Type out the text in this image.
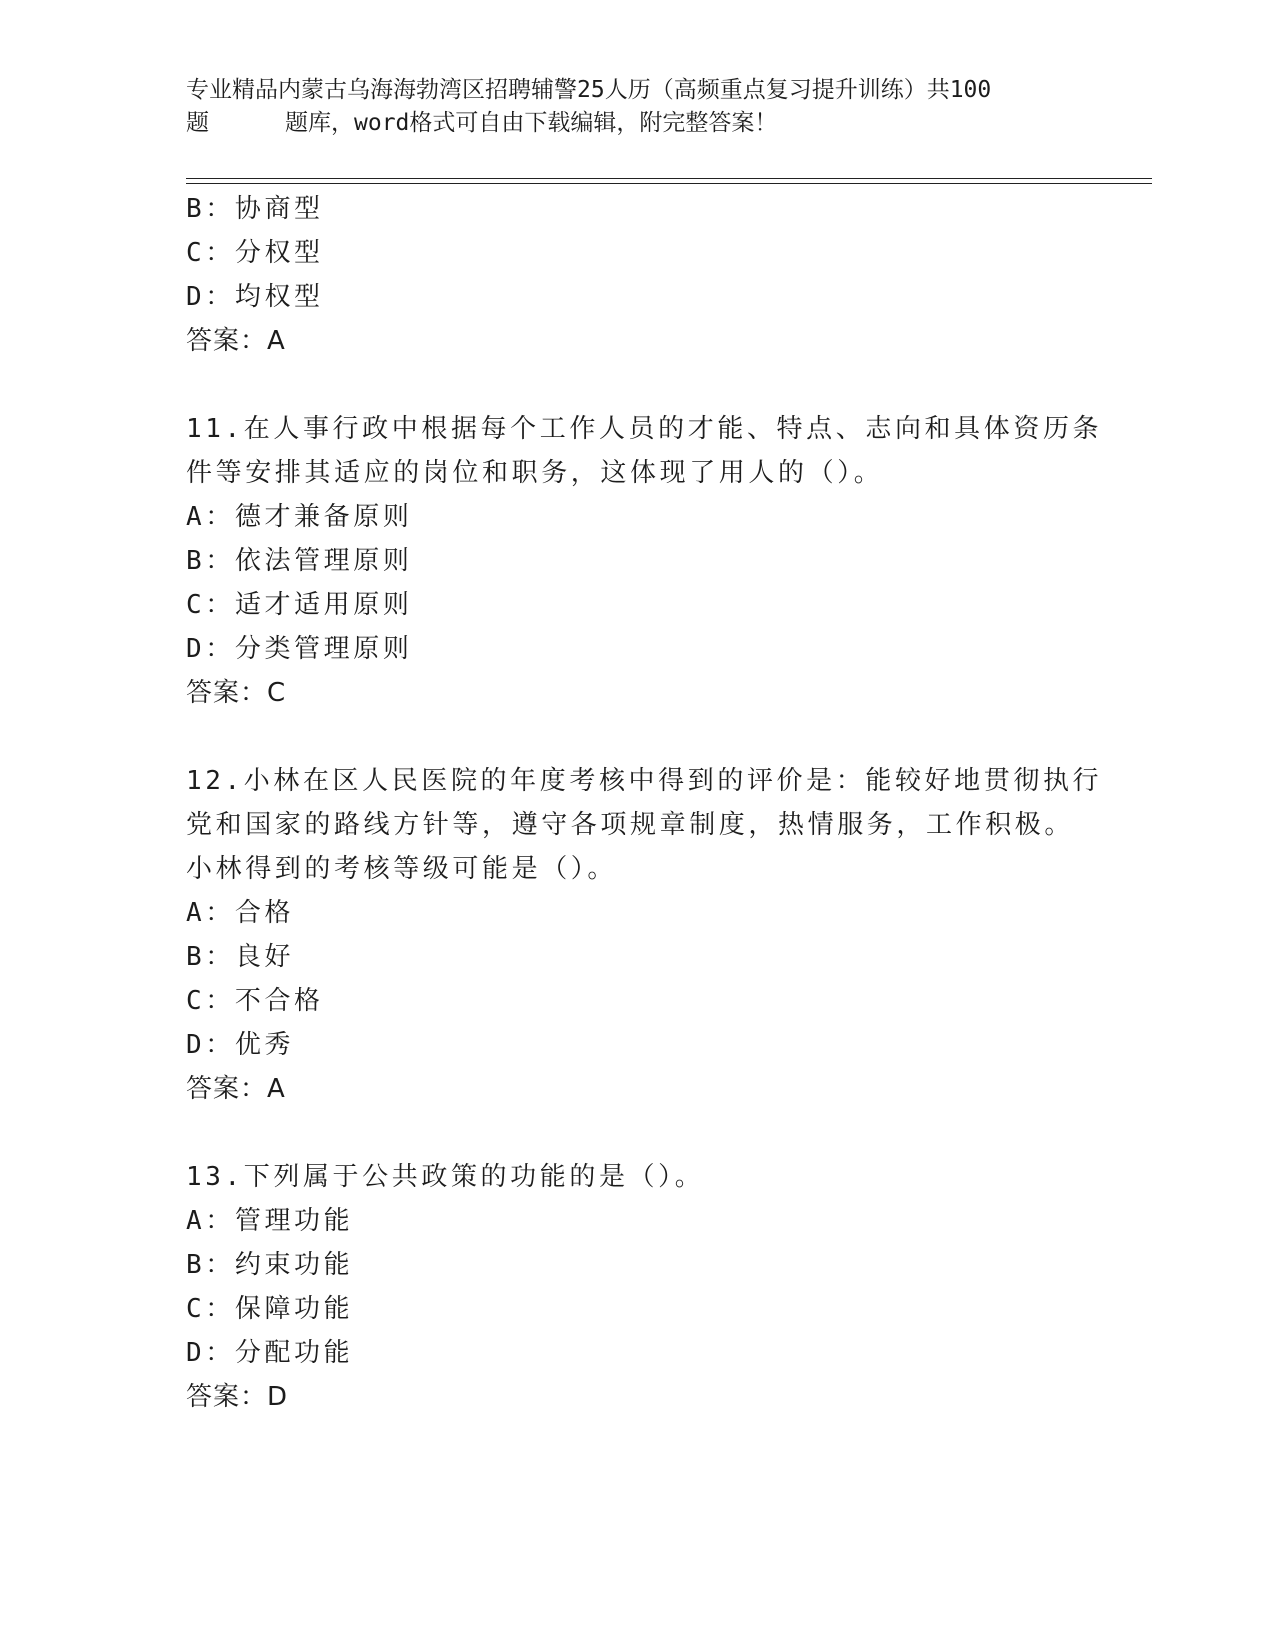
专业精品内蒙古乌海海勃湾区招聘辅警25人历（高频重点复习提升训练）共100
题	题库，word格式可自由下载编辑，附完整答案！
B：协商型
C：分权型
D：均权型
答案：A
11.在人事行政中根据每个工作人员的才能、特点、志向和具体资历条
件等安排其适应的岗位和职务，这体现了用人的（）。
A：德才兼备原则
B：依法管理原则
C：适才适用原则
D：分类管理原则
答案：C
12.小林在区人民医院的年度考核中得到的评价是：能较好地贯彻执行
党和国家的路线方针等，遵守各项规章制度，热情服务，工作积极。
小林得到的考核等级可能是（）。
A：合格
B：良好
C：不合格
D：优秀
答案：A
13.下列属于公共政策的功能的是（）。
A：管理功能
B：约束功能
C：保障功能
D：分配功能
答案：D
